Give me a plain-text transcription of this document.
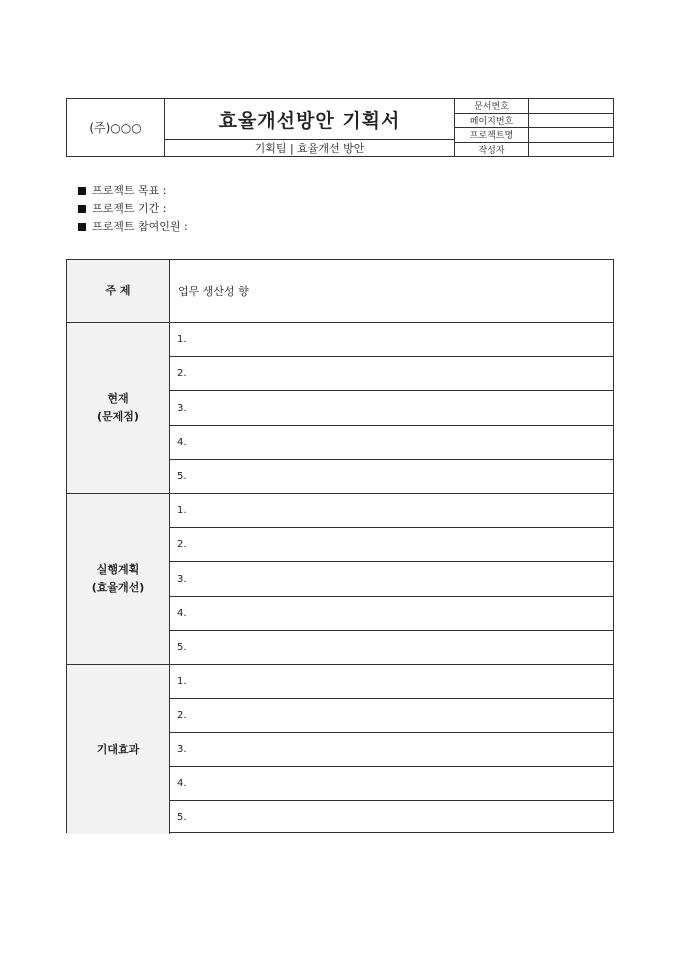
(주)○○○	효율개선방안 기획서
기획팀 | 효율개선 방안
문서번호
페이지번호
프로젝트명
작성자
프로젝트 목표 :
프로젝트 기간 :
프로젝트 참여인원 :
주 제	업무 생산성 향
현재
(문제점)
1.
2.
3.
4.
5.
실행계획
(효율개선)
1.
2.
3.
4.
5.
기대효과
1.
2.
3.
4.
5.
